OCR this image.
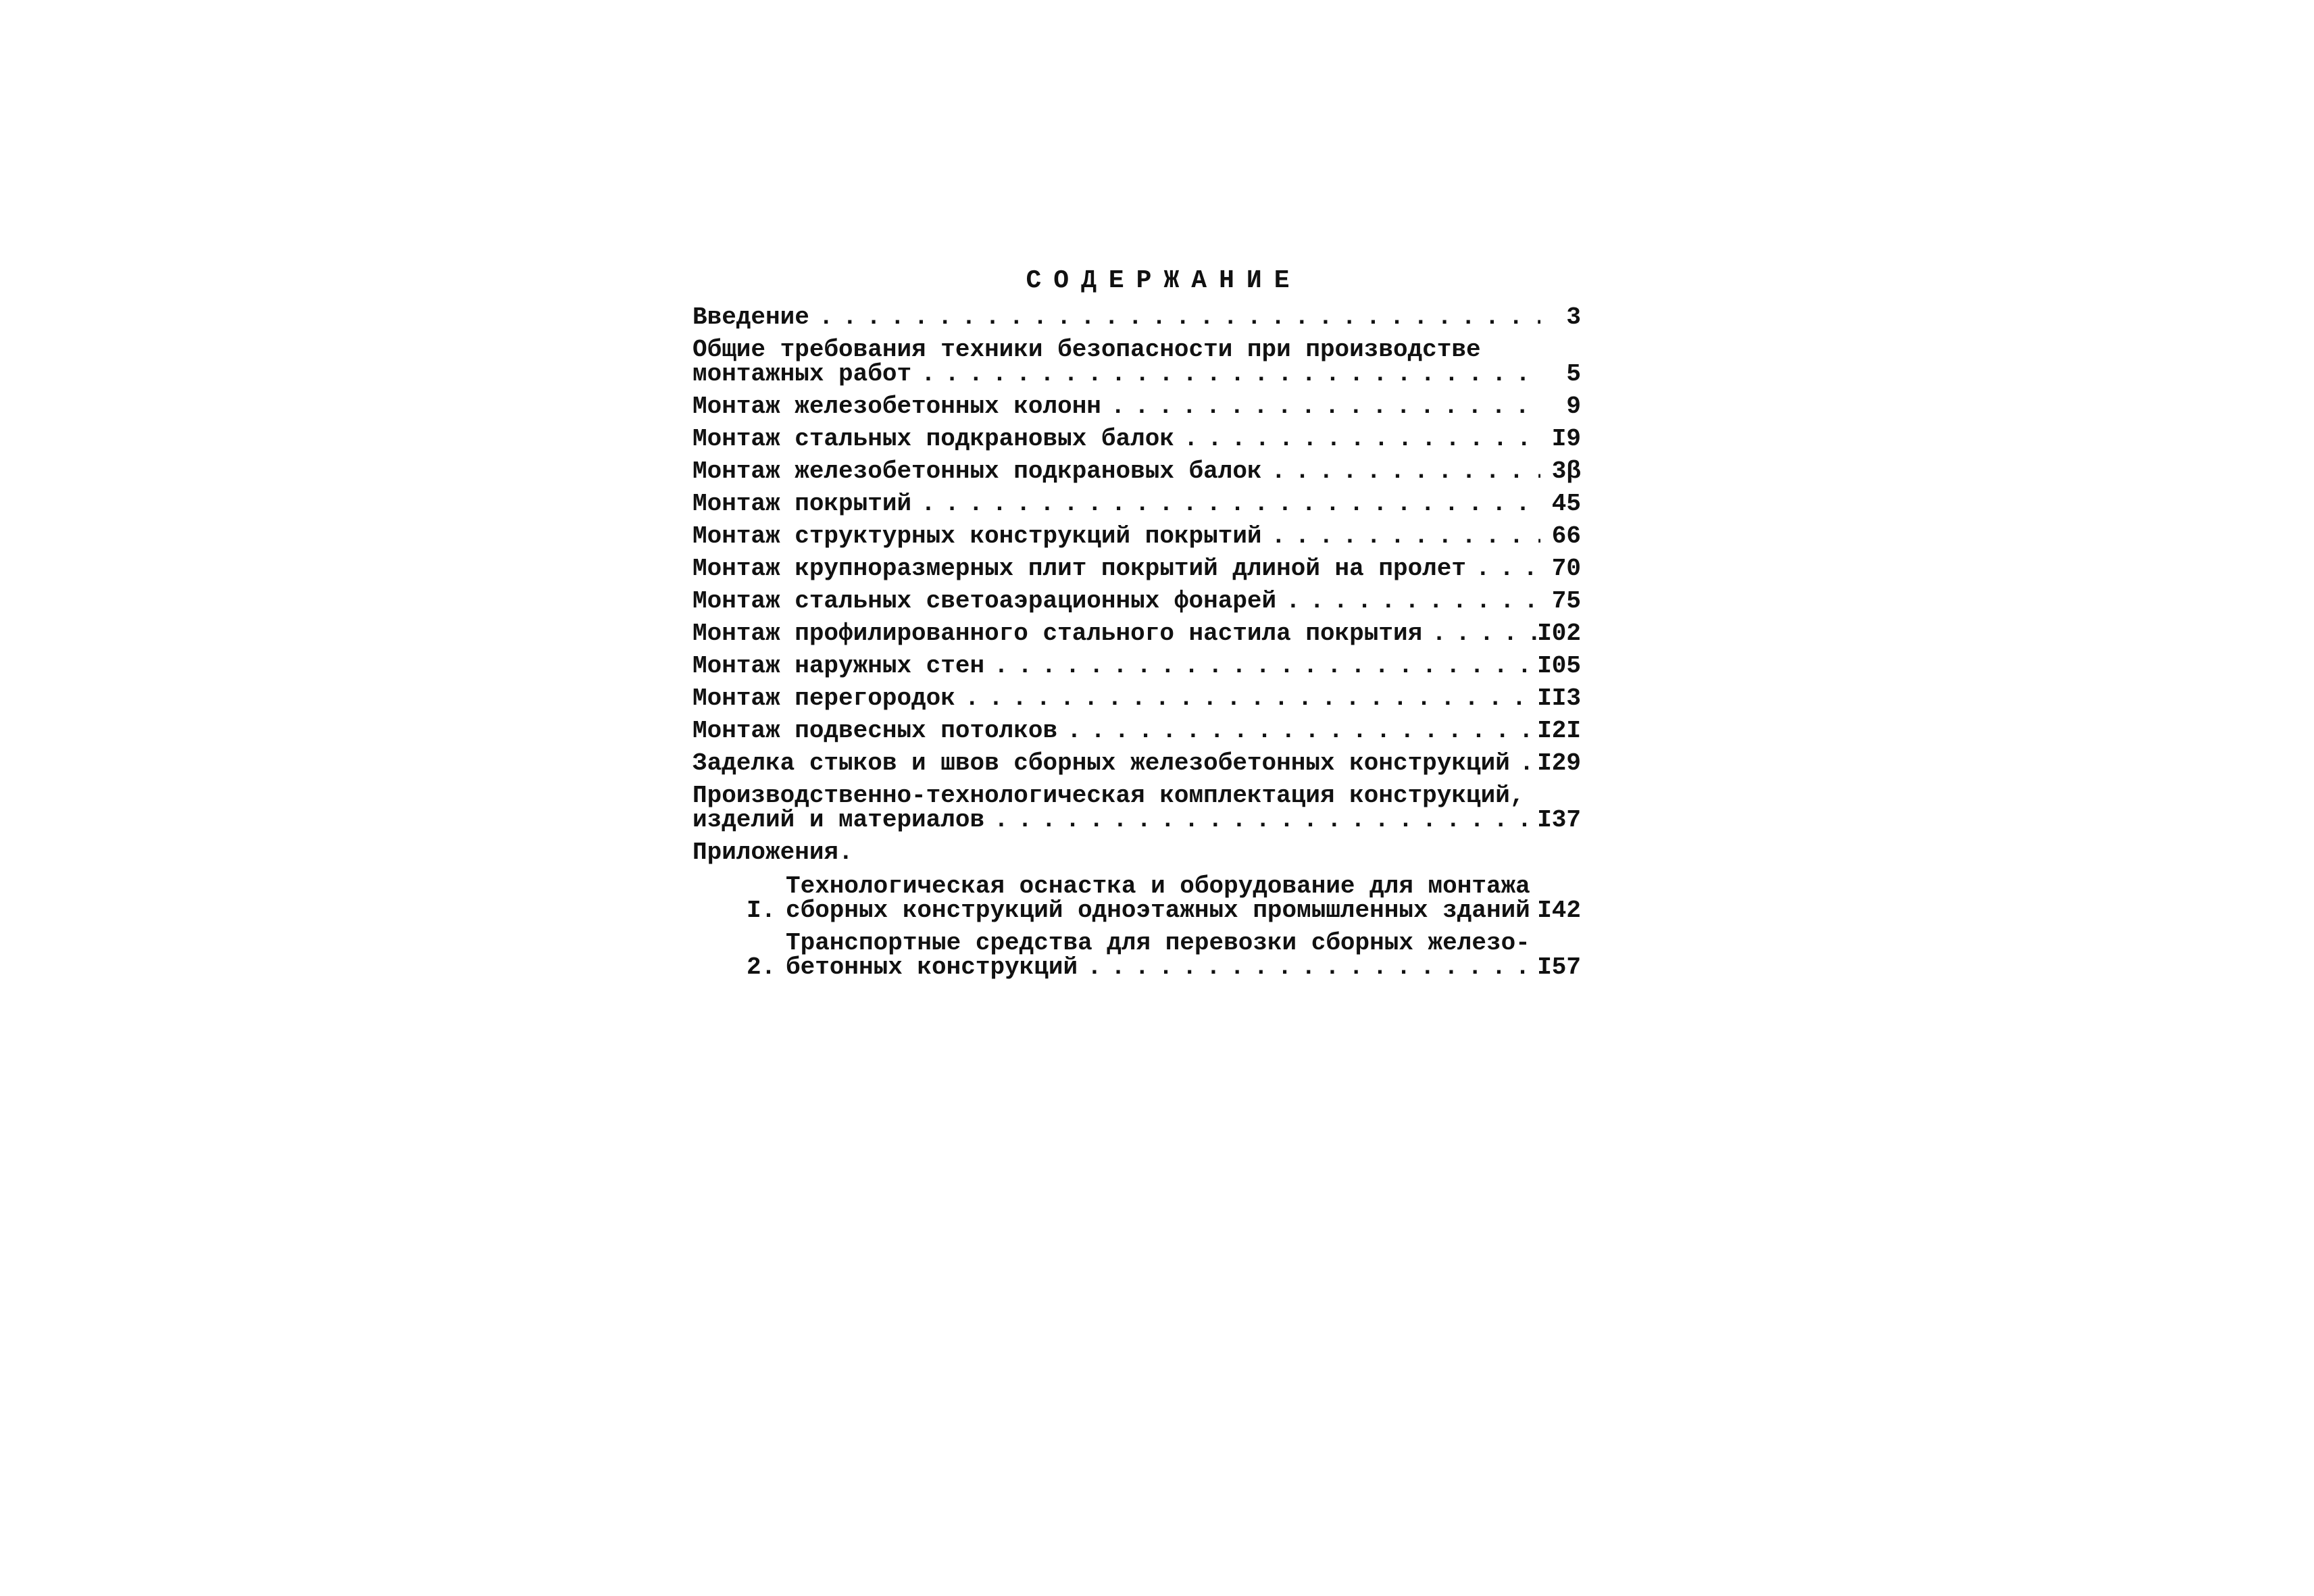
СОДЕРЖАНИЕ
Введение . . .	3
Общие требования техники безопасности при производстве
монтажных работ . . .	5
Монтаж железобетонных колонн . . .	9
Монтаж стальных подкрановых балок . . .	I9
Монтаж железобетонных подкрановых балок . . .	3β
Монтаж покрытий . . .	45
Монтаж структурных конструкций покрытий . . .	66
Монтаж крупноразмерных плит покрытий длиной на пролет . . .	70
Монтаж стальных светоаэрационных фонарей . . .	75
Монтаж профилированного стального настила покрытия . . .	I02
Монтаж наружных стен . . .	I05
Монтаж перегородок . . .	II3
Монтаж подвесных потолков . . .	I2I
Заделка стыков и швов сборных железобетонных конструкций . . . I29
Производственно-технологическая комплектация конструкций,
изделий и материалов . . .	I37
Приложения.
I.
Технологическая оснастка и оборудование для монтажа
сборных конструкций одноэтажных промышленных зданий . . . I42
2.
Транспортные средства для перевозки сборных железо-
бетонных конструкций . . .	I57
